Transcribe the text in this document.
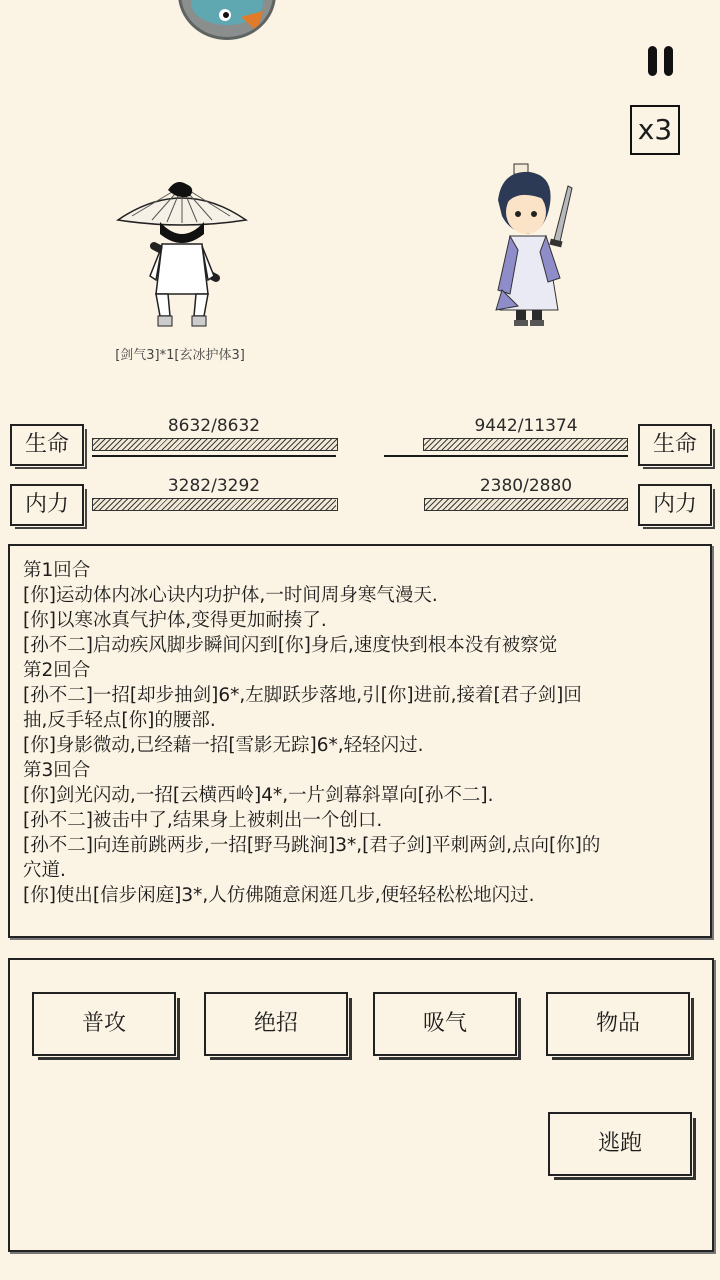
x3
[剑气3]*1[玄冰护体3]
生命
8632/8632
生命
9442/11374
内力
3282/3292
内力
2380/2880
第1回合
[你]运动体内冰心诀内功护体,一时间周身寒气漫天.
[你]以寒冰真气护体,变得更加耐揍了.
[孙不二]启动疾风脚步瞬间闪到[你]身后,速度快到根本没有被察觉
第2回合
[孙不二]一招[却步抽剑]6*,左脚跃步落地,引[你]进前,接着[君子剑]回
抽,反手轻点[你]的腰部.
[你]身影微动,已经藉一招[雪影无踪]6*,轻轻闪过.
第3回合
[你]剑光闪动,一招[云横西岭]4*,一片剑幕斜罩向[孙不二].
[孙不二]被击中了,结果身上被刺出一个创口.
[孙不二]向连前跳两步,一招[野马跳涧]3*,[君子剑]平刺两剑,点向[你]的
穴道.
[你]使出[信步闲庭]3*,人仿佛随意闲逛几步,便轻轻松松地闪过.
普攻	绝招	吸气	物品
逃跑
